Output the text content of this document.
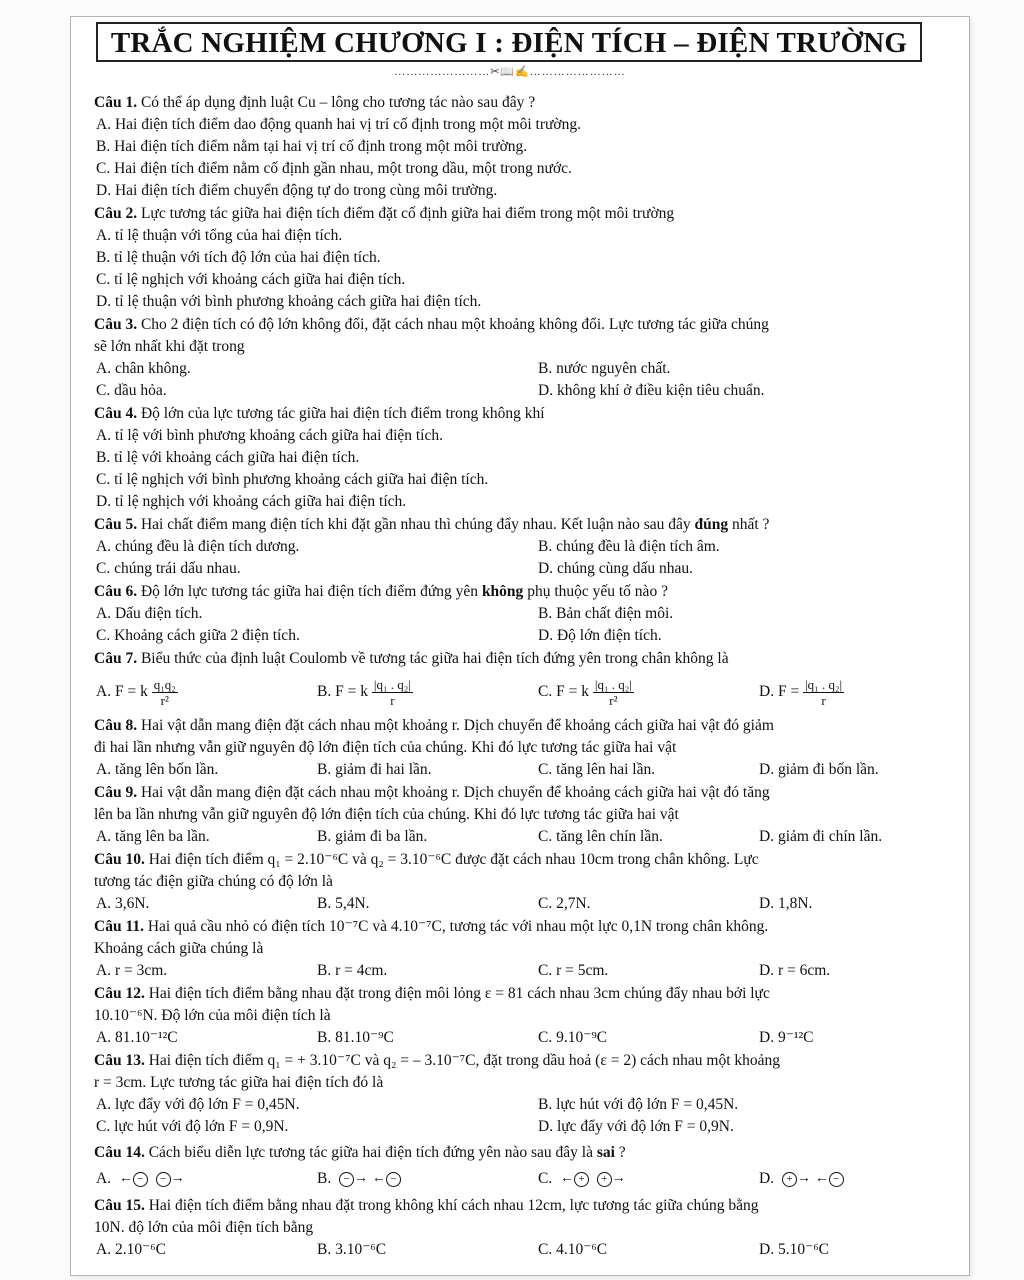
TRẮC NGHIỆM CHƯƠNG I : ĐIỆN TÍCH – ĐIỆN TRƯỜNG
……………………✂📖✍……………………
Câu 1. Có thể áp dụng định luật Cu – lông cho tương tác nào sau đây ?
A. Hai điện tích điểm dao động quanh hai vị trí cố định trong một môi trường.
B. Hai điện tích điểm nằm tại hai vị trí cố định trong một môi trường.
C. Hai điện tích điểm nằm cố định gần nhau, một trong dầu, một trong nước.
D. Hai điện tích điểm chuyển động tự do trong cùng môi trường.
Câu 2. Lực tương tác giữa hai điện tích điểm đặt cố định giữa hai điểm trong một môi trường
A. tỉ lệ thuận với tổng của hai điện tích.
B. tỉ lệ thuận với tích độ lớn của hai điện tích.
C. tỉ lệ nghịch với khoảng cách giữa hai điện tích.
D. tỉ lệ thuận với bình phương khoảng cách giữa hai điện tích.
Câu 3. Cho 2 điện tích có độ lớn không đổi, đặt cách nhau một khoảng không đổi. Lực tương tác giữa chúng
sẽ lớn nhất khi đặt trong
A. chân không.	B. nước nguyên chất.
C. dầu hỏa.	D. không khí ở điều kiện tiêu chuẩn.
Câu 4. Độ lớn của lực tương tác giữa hai điện tích điểm trong không khí
A. tỉ lệ với bình phương khoảng cách giữa hai điện tích.
B. tỉ lệ với khoảng cách giữa hai điện tích.
C. tỉ lệ nghịch với bình phương khoảng cách giữa hai điện tích.
D. tỉ lệ nghịch với khoảng cách giữa hai điện tích.
Câu 5. Hai chất điểm mang điện tích khi đặt gần nhau thì chúng đẩy nhau. Kết luận nào sau đây đúng nhất ?
A. chúng đều là điện tích dương.	B. chúng đều là điện tích âm.
C. chúng trái dấu nhau.	D. chúng cùng dấu nhau.
Câu 6. Độ lớn lực tương tác giữa hai điện tích điểm đứng yên không phụ thuộc yếu tố nào ?
A. Dấu điện tích.	B. Bản chất điện môi.
C. Khoảng cách giữa 2 điện tích.	D. Độ lớn điện tích.
Câu 7. Biểu thức của định luật Coulomb về tương tác giữa hai điện tích đứng yên trong chân không là
A. F = k $\frac{\text{q₁q₂}}{\text{r²}}$	B. F = k $\frac{\text{|q₁ . q₂|}}{r}$	C. F = k $\frac{\text{|q₁ . q₂|}}{\text{r²}}$	D. $F = \frac{\text{|q₁ . q₂|}}{r}$
Câu 8. Hai vật dẫn mang điện đặt cách nhau một khoảng r. Dịch chuyển để khoảng cách giữa hai vật đó giảm
đi hai lần nhưng vẫn giữ nguyên độ lớn điện tích của chúng. Khi đó lực tương tác giữa hai vật
A. tăng lên bốn lần.	B. giảm đi hai lần.	C. tăng lên hai lần.	D. giảm đi bốn lần.
Câu 9. Hai vật dẫn mang điện đặt cách nhau một khoảng r. Dịch chuyển để khoảng cách giữa hai vật đó tăng
lên ba lần nhưng vẫn giữ nguyên độ lớn điện tích của chúng. Khi đó lực tương tác giữa hai vật
A. tăng lên ba lần.	B. giảm đi ba lần.	C. tăng lên chín lần.	D. giảm đi chín lần.
Câu 10. Hai điện tích điểm q₁ = 2.10⁻⁶C và q₂ = 3.10⁻⁶C được đặt cách nhau 10cm trong chân không. Lực
tương tác điện giữa chúng có độ lớn là
A. 3,6N.	B. 5,4N.	C. 2,7N.	D. 1,8N.
Câu 11. Hai quả cầu nhỏ có điện tích 10⁻⁷C và 4.10⁻⁷C, tương tác với nhau một lực 0,1N trong chân không.
Khoảng cách giữa chúng là
A. r = 3cm.	B. r = 4cm.	C. r = 5cm.	D. r = 6cm.
Câu 12. Hai điện tích điểm bằng nhau đặt trong điện môi lỏng ε = 81 cách nhau 3cm chúng đẩy nhau bởi lực
10.10⁻⁶N. Độ lớn của môi điện tích là
A. 81.10⁻¹²C	B. 81.10⁻⁹C	C. 9.10⁻⁹C	D. 9⁻¹²C
Câu 13. Hai điện tích điểm q₁ = + 3.10⁻⁷C và q₂ = – 3.10⁻⁷C, đặt trong dầu hoả (ε = 2) cách nhau một khoảng
r = 3cm. Lực tương tác giữa hai điện tích đó là
A. lực đẩy với độ lớn F = 0,45N.	B. lực hút với độ lớn F = 0,45N.
C. lực hút với độ lớn F = 0,9N.	D. lực đẩy với độ lớn F = 0,9N.
Câu 14. Cách biểu diễn lực tương tác giữa hai điện tích đứng yên nào sau đây là sai ?
A. ← − − →	B. − → ← −	C. ← + + →	D. + → ← −
Câu 15. Hai điện tích điểm bằng nhau đặt trong không khí cách nhau 12cm, lực tương tác giữa chúng bằng
10N. độ lớn của môi điện tích bằng
A. 2.10⁻⁶C	B. 3.10⁻⁶C	C. 4.10⁻⁶C	D. 5.10⁻⁶C
